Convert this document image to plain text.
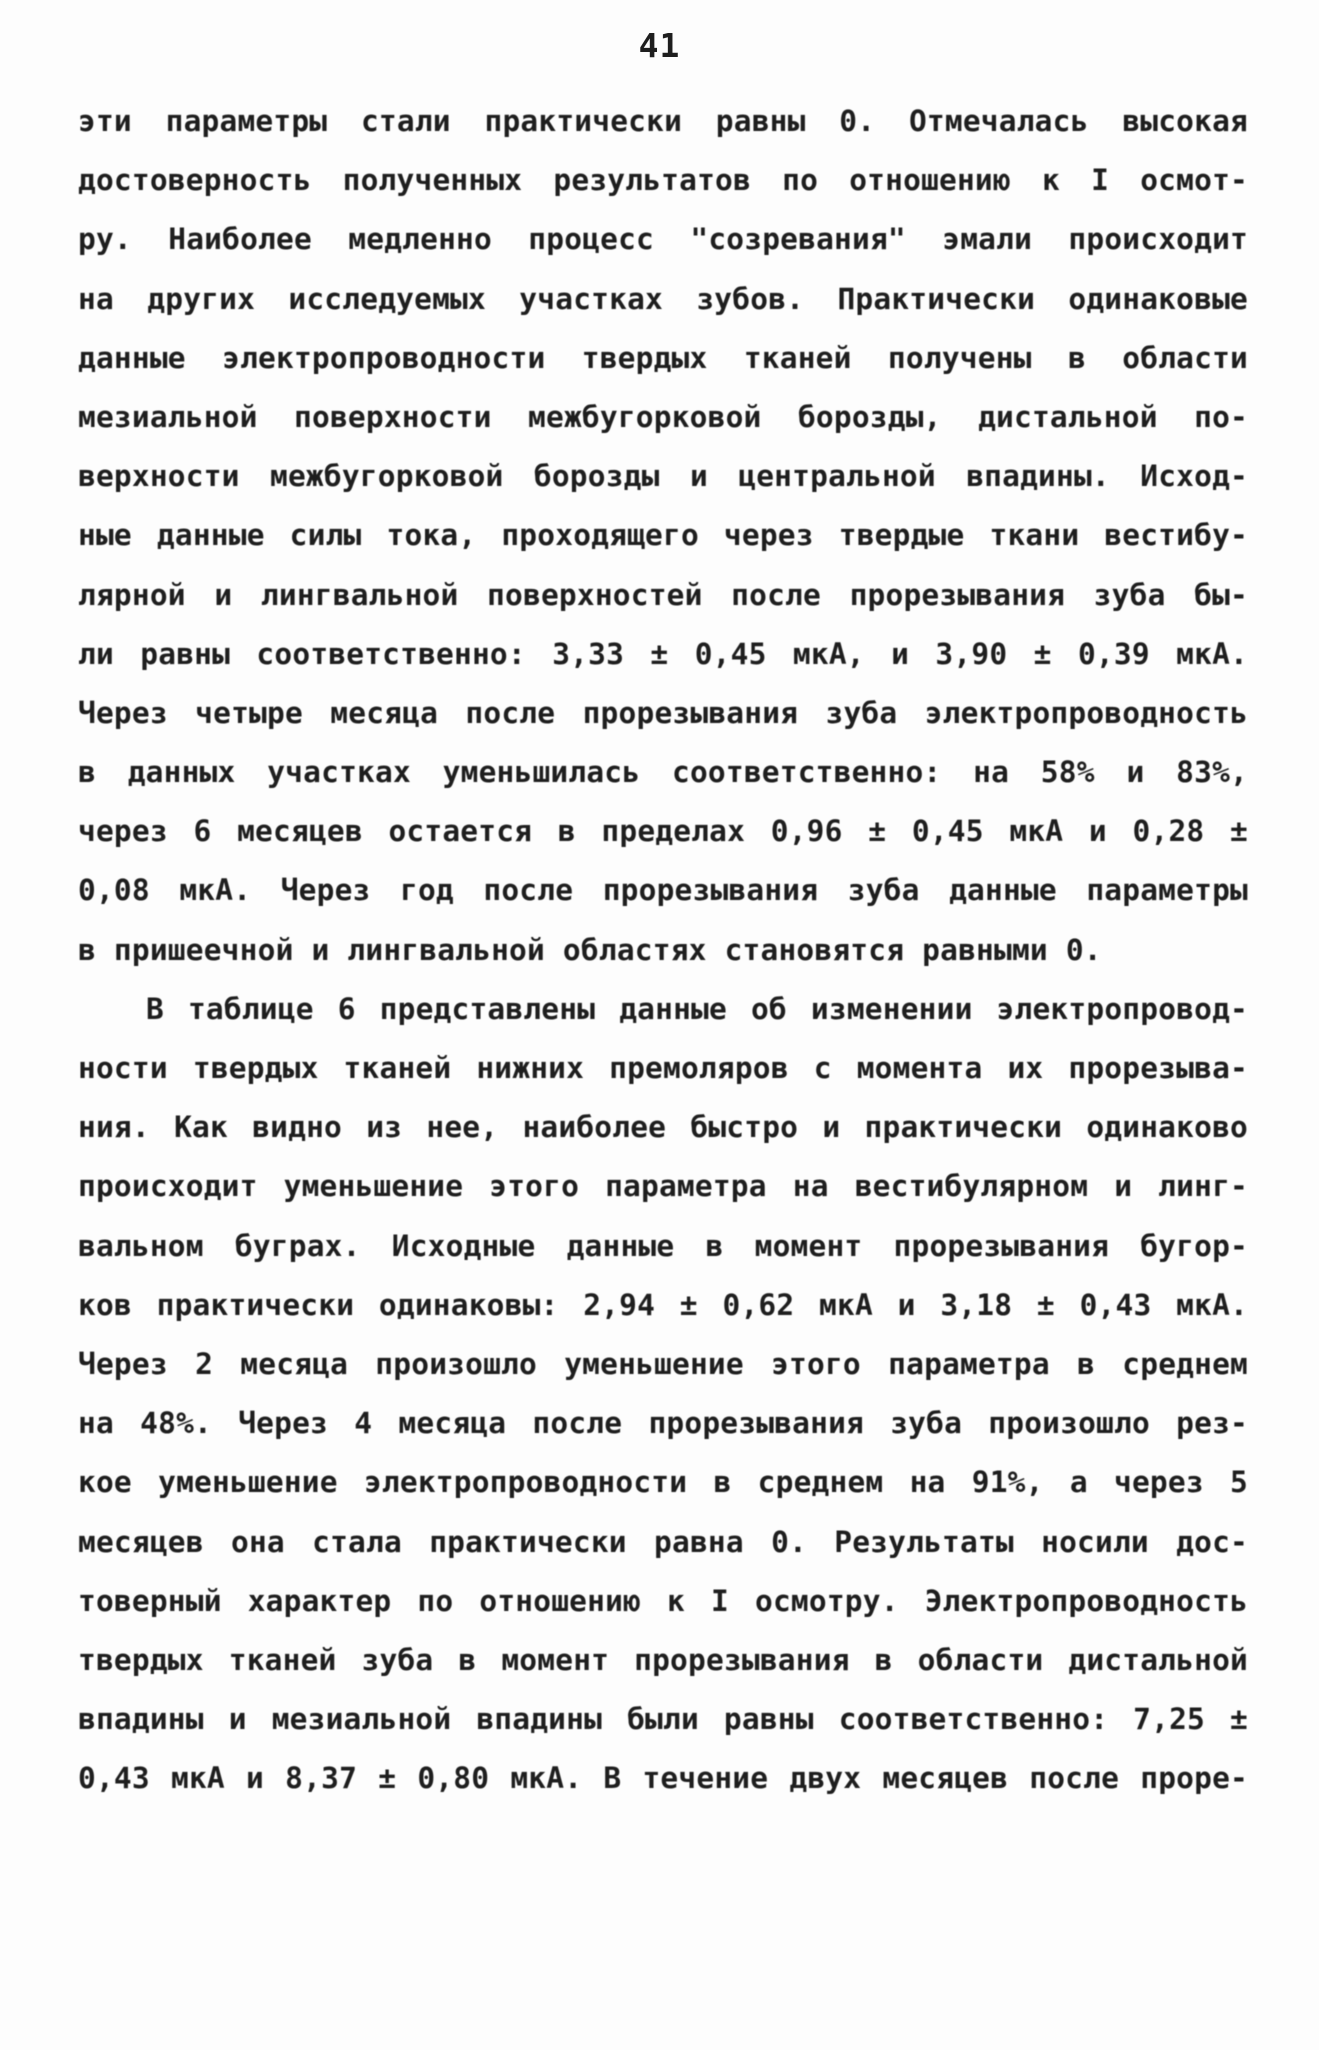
41
эти параметры стали практически равны 0. Отмечалась высокая
достоверность полученных результатов по отношению к I осмот-
ру. Наиболее медленно процесс "созревания" эмали происходит
на других исследуемых участках зубов. Практически одинаковые
данные электропроводности твердых тканей получены в области
мезиальной поверхности межбугорковой борозды, дистальной по-
верхности межбугорковой борозды и центральной впадины. Исход-
ные данные силы тока, проходящего через твердые ткани вестибу-
лярной и лингвальной поверхностей после прорезывания зуба бы-
ли равны соответственно: 3,33 ± 0,45 мкА, и 3,90 ± 0,39 мкА.
Через четыре месяца после прорезывания зуба электропроводность
в данных участках уменьшилась соответственно: на 58% и 83%,
через 6 месяцев остается в пределах 0,96 ± 0,45 мкА и 0,28 ±
0,08 мкА. Через год после прорезывания зуба данные параметры
в пришеечной и лингвальной областях становятся равными 0.
В таблице 6 представлены данные об изменении электропровод-
ности твердых тканей нижних премоляров с момента их прорезыва-
ния. Как видно из нее, наиболее быстро и практически одинаково
происходит уменьшение этого параметра на вестибулярном и линг-
вальном буграх. Исходные данные в момент прорезывания бугор-
ков практически одинаковы: 2,94 ± 0,62 мкА и 3,18 ± 0,43 мкА.
Через 2 месяца произошло уменьшение этого параметра в среднем
на 48%. Через 4 месяца после прорезывания зуба произошло рез-
кое уменьшение электропроводности в среднем на 91%, а через 5
месяцев она стала практически равна 0. Результаты носили дос-
товерный характер по отношению к I осмотру. Электропроводность
твердых тканей зуба в момент прорезывания в области дистальной
впадины и мезиальной впадины были равны соответственно: 7,25 ±
0,43 мкА и 8,37 ± 0,80 мкА. В течение двух месяцев после проре-
